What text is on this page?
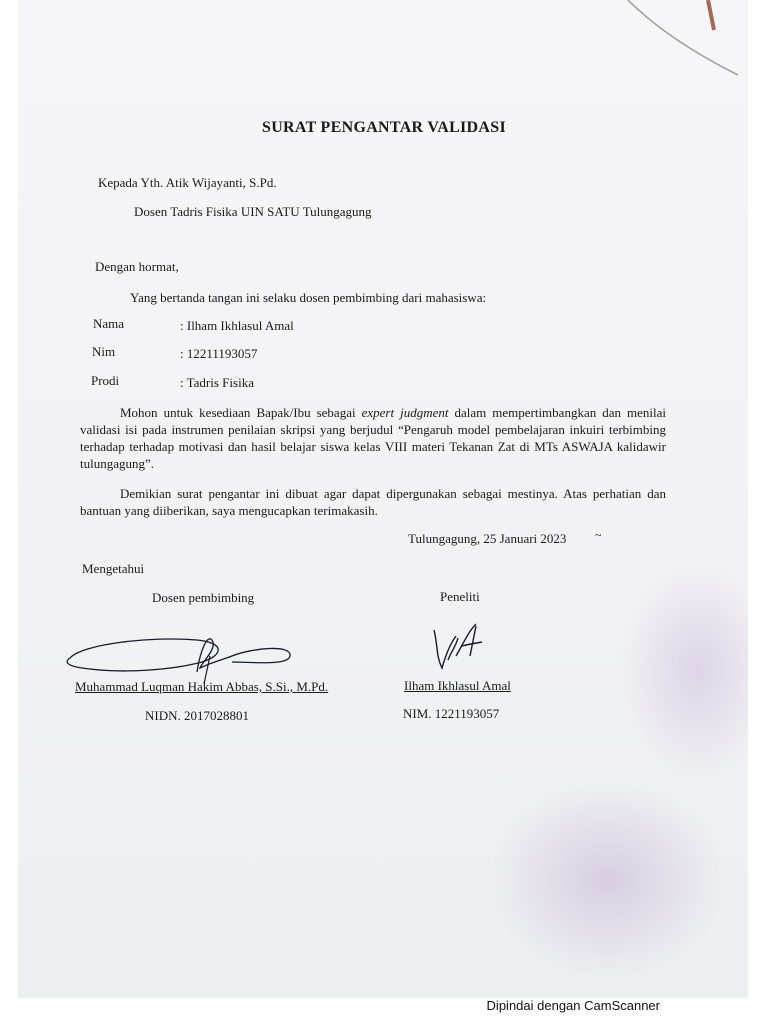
SURAT PENGANTAR VALIDASI
Kepada Yth. Atik Wijayanti, S.Pd.
Dosen Tadris Fisika UIN SATU Tulungagung
Dengan hormat,
Yang bertanda tangan ini selaku dosen pembimbing dari mahasiswa:
Nama	: Ilham Ikhlasul Amal
Nim	: 12211193057
Prodi	: Tadris Fisika
Mohon untuk kesediaan Bapak/Ibu sebagai expert judgment dalam mempertimbangkan dan menilai validasi isi pada instrumen penilaian skripsi yang berjudul “Pengaruh model pembelajaran inkuiri terbimbing terhadap terhadap motivasi dan hasil belajar siswa kelas VIII materi Tekanan Zat di MTs ASWAJA kalidawir tulungagung”.
Demikian surat pengantar ini dibuat agar dapat dipergunakan sebagai mestinya. Atas perhatian dan bantuan yang diiberikan, saya mengucapkan terimakasih.
Tulungagung, 25 Januari 2023 ~
Mengetahui
Dosen pembimbing	Peneliti
Muhammad Luqman Hakim Abbas, S.Si., M.Pd.	Ilham Ikhlasul Amal
NIDN. 2017028801	NIM. 1221193057
Dipindai dengan CamScanner
